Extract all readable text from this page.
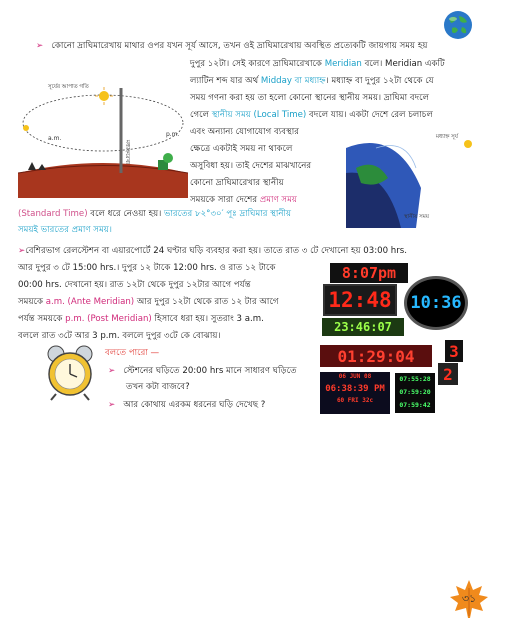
➢ কোনো দ্রাঘিমারেখায় মাথার ওপর যখন সূর্য আসে, তখন ওই দ্রাঘিমারেখায় অবস্থিত প্রত্যেকটি জায়গায় সময় হয়
দুপুর ১২টা। সেই কারণে দ্রাঘিমারেখাকে Meridian বলে। Meridian একটি
ল্যাটিন শব্দ যার অর্থ Midday বা মধ্যাহ্ন। মধ্যাহ্ন বা দুপুর ১২টা থেকে যে
সময় গণনা করা হয় তা হলো কোনো স্থানের স্থানীয় সময়। দ্রাঘিমা বদলে
গেলে স্থানীয় সময় (Local Time) বদলে যায়। একটা দেশে রেল চলাচল
এবং অন্যান্য যোগাযোগ ব্যবস্থার
ক্ষেত্রে একটাই সময় না থাকলে
অসুবিধা হয়। তাই দেশের মাঝখানের
কোনো দ্রাঘিমারেখার স্থানীয়
সময়কে সারা দেশের প্রমাণ সময়
(Standard Time) বলে ধরে নেওয়া হয়। ভারতের ৮২°৩০′ পূঃ দ্রাঘিমার স্থানীয়
সময়ই ভারতের প্রমাণ সময়।
সূর্যের আপাত গতি
মধ্যাহ্নরেখা
a.m.
p.m.	মধ্যাহ্ন সূর্য
স্থানীয় সময়
➢বেশিরভাগ রেলস্টেশন বা এয়ারপোর্টে 24 ঘণ্টার ঘড়ি ব্যবহার করা হয়। তাতে রাত ৩ টে দেখানো হয় 03:00 hrs.
আর দুপুর ৩ টে 15:00 hrs.। দুপুর ১২ টাকে 12:00 hrs. ও রাত ১২ টাকে
00:00 hrs. দেখানো হয়। রাত ১২টা থেকে দুপুর ১২টার আগে পর্যন্ত
সময়কে a.m. (Ante Meridian) আর দুপুর ১২টা থেকে রাত ১২ টার আগে
পর্যন্ত সময়কে p.m. (Post Meridian) হিসাবে ধরা হয়। সুতরাং 3 a.m.
বললে রাত ৩টে আর 3 p.m. বললে দুপুর ৩টে কে বোঝায়।
বলতে পারো —
➢ স্টেশনের ঘড়িতে 20:00 hrs মানে সাধারণ ঘড়িতে
তখন কটা বাজবে?
➢ আর কোথায় এরকম ধরনের ঘড়ি দেখেছ ?
8:07pm
12:48	10:36
23:46:07
01:29:04	3
2
06 JUN 08
06:38:39 PM
60 FRI 32c
07:55:28
07:59:20
07:59:42
৩১
